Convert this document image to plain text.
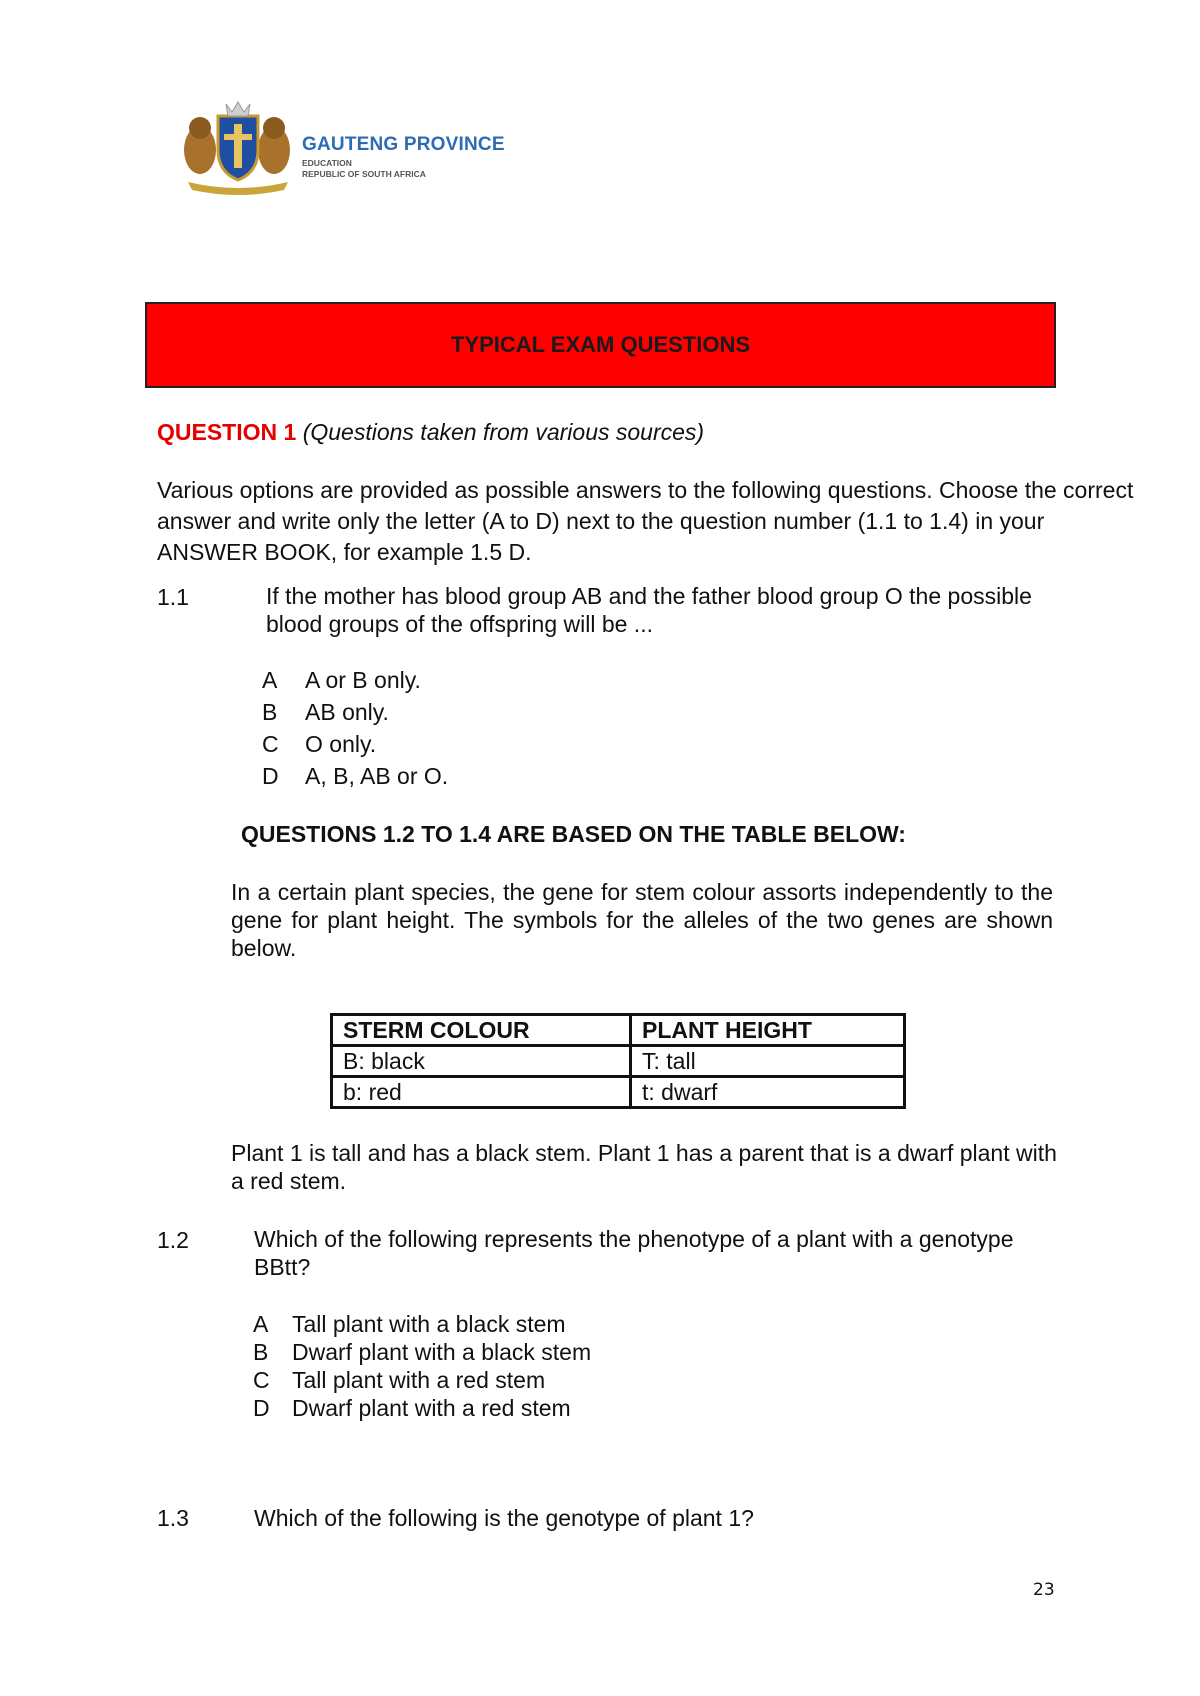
GAUTENG PROVINCE
EDUCATION
REPUBLIC OF SOUTH AFRICA
TYPICAL EXAM QUESTIONS
QUESTION 1 (Questions taken from various sources)
Various options are provided as possible answers to the following questions. Choose the correct answer and write only the letter (A to D) next to the question number (1.1 to 1.4) in your ANSWER BOOK, for example 1.5 D.
1.1	If the mother has blood group AB and the father blood group O the possible blood groups of the offspring will be ...
A A or B only.
B AB only.
C O only.
D A, B, AB or O.
QUESTIONS 1.2 TO 1.4 ARE BASED ON THE TABLE BELOW:
In a certain plant species, the gene for stem colour assorts independently to the gene for plant height. The symbols for the alleles of the two genes are shown below.
STERM COLOUR	PLANT HEIGHT
B: black	T: tall
b: red	t: dwarf
Plant 1 is tall and has a black stem. Plant 1 has a parent that is a dwarf plant with a red stem.
1.2	Which of the following represents the phenotype of a plant with a genotype BBtt?
A Tall plant with a black stem
B Dwarf plant with a black stem
C Tall plant with a red stem
D Dwarf plant with a red stem
1.3	Which of the following is the genotype of plant 1?
23
